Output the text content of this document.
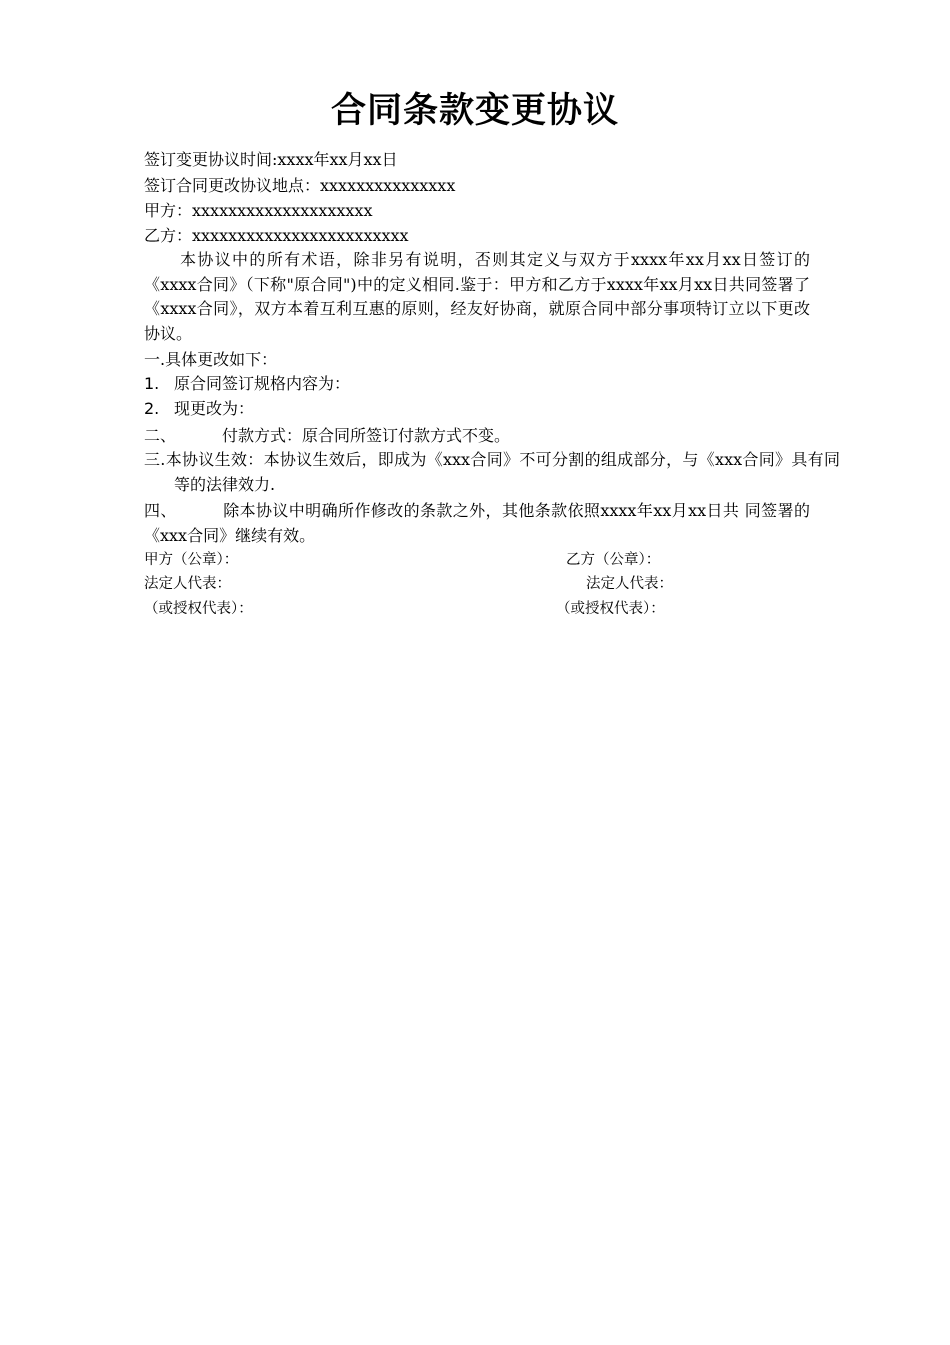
合同条款变更协议
签订变更协议时间:xxxx年xx月xx日
签订合同更改协议地点：xxxxxxxxxxxxxxx
甲方：xxxxxxxxxxxxxxxxxxxx
乙方：xxxxxxxxxxxxxxxxxxxxxxxx
本协议中的所有术语，除非另有说明，否则其定义与双方于xxxx年xx月xx日签订的《xxxx合同》（下称"原合同")中的定义相同.鉴于：甲方和乙方于xxxx年xx月xx日共同签署了《xxxx合同》，双方本着互利互惠的原则，经友好协商，就原合同中部分事项特订立以下更改协议。
一.具体更改如下：
1. 原合同签订规格内容为：
2. 现更改为：
二、	付款方式：原合同所签订付款方式不变。
三.本协议生效：本协议生效后，即成为《xxx合同》不可分割的组成部分，与《xxx合同》具有同等的法律效力.
四、	除本协议中明确所作修改的条款之外，其他条款依照xxxx年xx月xx日共 同签署的《xxx合同》继续有效。
甲方（公章）：	乙方（公章）：
法定人代表：	法定人代表：
（或授权代表）：	（或授权代表）：
